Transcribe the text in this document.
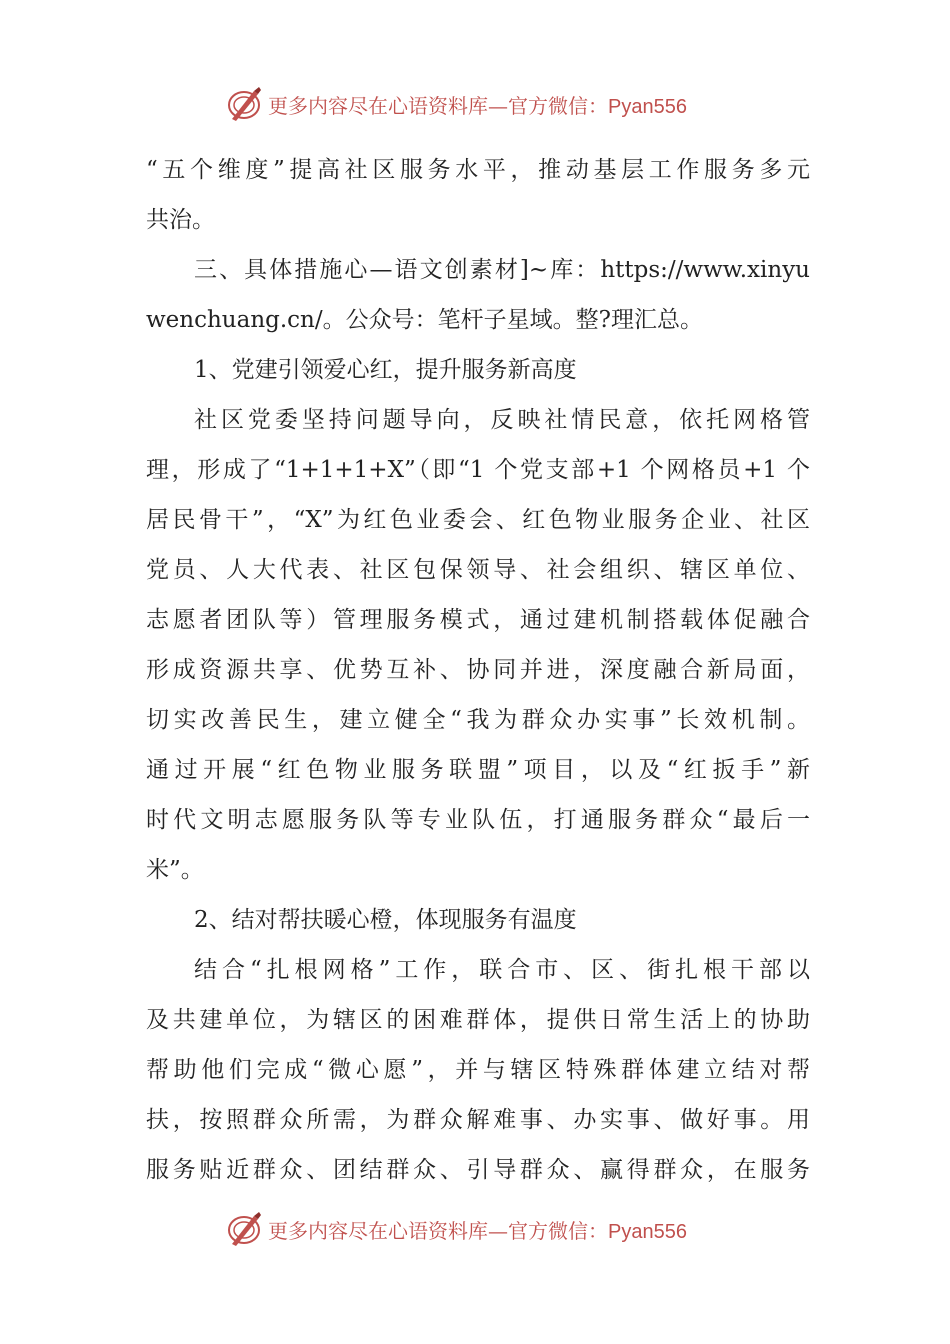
更多内容尽在心语资料库—官方微信：Pyan556
“五个维度”提高社区服务水平，推动基层工作服务多元
共治。
三、具体措施心—语文创素材]~库：https://www.xinyu
wenchuang.cn/。公众号：笔杆子星域。整?理汇总。
1、党建引领爱心红，提升服务新高度
社区党委坚持问题导向，反映社情民意，依托网格管
理，形成了“1+1+1+X”（即“1 个党支部+1 个网格员+1 个
居民骨干”，“X”为红色业委会、红色物业服务企业、社区
党员、人大代表、社区包保领导、社会组织、辖区单位、
志愿者团队等）管理服务模式，通过建机制搭载体促融合
形成资源共享、优势互补、协同并进，深度融合新局面，
切实改善民生，建立健全“我为群众办实事”长效机制。
通过开展“红色物业服务联盟”项目，以及“红扳手”新
时代文明志愿服务队等专业队伍，打通服务群众“最后一
米”。
2、结对帮扶暖心橙，体现服务有温度
结合“扎根网格”工作，联合市、区、街扎根干部以
及共建单位，为辖区的困难群体，提供日常生活上的协助
帮助他们完成“微心愿”，并与辖区特殊群体建立结对帮
扶，按照群众所需，为群众解难事、办实事、做好事。用
服务贴近群众、团结群众、引导群众、赢得群众，在服务
更多内容尽在心语资料库—官方微信：Pyan556
